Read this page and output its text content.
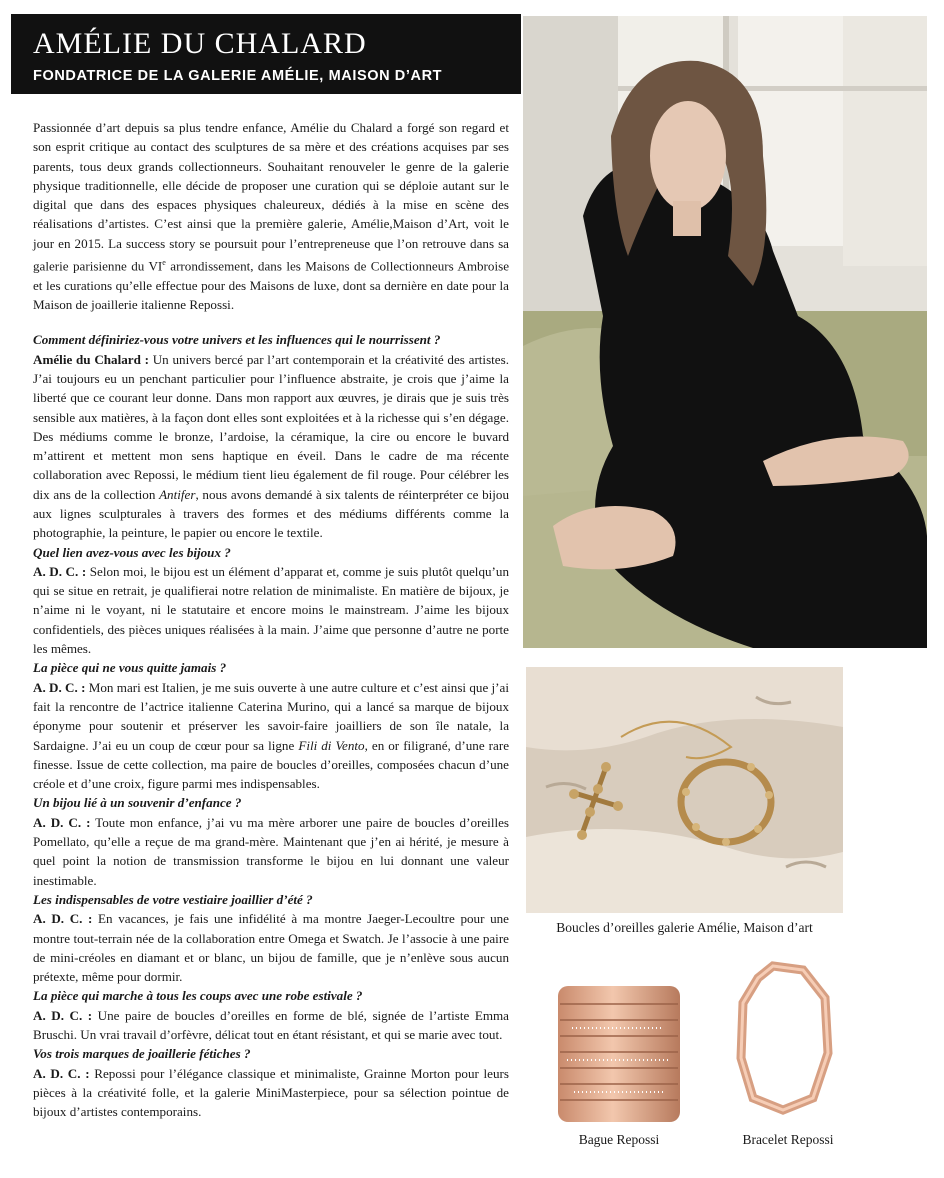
AMÉLIE DU CHALARD
FONDATRICE DE LA GALERIE AMÉLIE, MAISON D’ART

Passionnée d’art depuis sa plus tendre enfance, Amélie du Chalard a forgé son regard et son esprit critique au contact des sculptures de sa mère et des créations acquises par ses parents, tous deux grands collectionneurs. Souhaitant renouveler le genre de la galerie physique traditionnelle, elle décide de proposer une curation qui se déploie autant sur le digital que dans des espaces physiques chaleureux, dédiés à la mise en scène des réalisations d’artistes. C’est ainsi que la première galerie, Amélie,Maison d’Art, voit le jour en 2015. La success story se poursuit pour l’entrepreneuse que l’on retrouve dans sa galerie parisienne du VIe arrondissement, dans les Maisons de Collectionneurs Ambroise et les curations qu’elle effectue pour des Maisons de luxe, dont sa dernière en date pour la Maison de joaillerie italienne Repossi.

Comment définiriez-vous votre univers et les influences qui le nourrissent ?

Amélie du Chalard : Un univers bercé par l’art contemporain et la créativité des artistes. J’ai toujours eu un penchant particulier pour l’influence abstraite, je crois que j’aime la liberté que ce courant leur donne. Dans mon rapport aux œuvres, je dirais que je suis très sensible aux matières, à la façon dont elles sont exploitées et à la richesse qui s’en dégage. Des médiums comme le bronze, l’ardoise, la céramique, la cire ou encore le buvard m’attirent et mettent mon sens haptique en éveil. Dans le cadre de ma récente collaboration avec Repossi, le médium tient lieu également de fil rouge. Pour célébrer les dix ans de la collection Antifer, nous avons demandé à six talents de réinterpréter ce bijou aux lignes sculpturales à travers des formes et des médiums différents comme la photographie, la peinture, le papier ou encore le textile.

Quel lien avez-vous avec les bijoux ?

A. D. C. : Selon moi, le bijou est un élément d’apparat et, comme je suis plutôt quelqu’un qui se situe en retrait, je qualifierai notre relation de minimaliste. En matière de bijoux, je n’aime ni le voyant, ni le statutaire et encore moins le mainstream. J’aime les bijoux confidentiels, des pièces uniques réalisées à la main. J’aime que personne d’autre ne porte les mêmes.

La pièce qui ne vous quitte jamais ?

A. D. C. : Mon mari est Italien, je me suis ouverte à une autre culture et c’est ainsi que j’ai fait la rencontre de l’actrice italienne Caterina Murino, qui a lancé sa marque de bijoux éponyme pour soutenir et préserver les savoir-faire joailliers de son île natale, la Sardaigne. J’ai eu un coup de cœur pour sa ligne Fili di Vento, en or filigrané, d’une rare finesse. Issue de cette collection, ma paire de boucles d’oreilles, composées chacun d’une créole et d’une croix, figure parmi mes indispensables.

Un bijou lié à un souvenir d’enfance ?

A. D. C. : Toute mon enfance, j’ai vu ma mère arborer une paire de boucles d’oreilles Pomellato, qu’elle a reçue de ma grand-mère. Maintenant que j’en ai hérité, je mesure à quel point la notion de transmission transforme le bijou en lui donnant une valeur inestimable.

Les indispensables de votre vestiaire joaillier d’été ?

A. D. C. : En vacances, je fais une infidélité à ma montre Jaeger-Lecoultre pour une montre tout-terrain née de la collaboration entre Omega et Swatch. Je l’associe à une paire de mini-créoles en diamant et or blanc, un bijou de famille, que je n’enlève sous aucun prétexte, même pour dormir.

La pièce qui marche à tous les coups avec une robe estivale ?

A. D. C. : Une paire de boucles d’oreilles en forme de blé, signée de l’artiste Emma Bruschi. Un vrai travail d’orfèvre, délicat tout en étant résistant, et qui se marie avec tout.

Vos trois marques de joaillerie fétiches ?

A. D. C. : Repossi pour l’élégance classique et minimaliste, Grainne Morton pour leurs pièces à la créativité folle, et la galerie MiniMasterpiece, pour sa sélection pointue de bijoux d’artistes contemporains.

Boucles d’oreilles galerie Amélie, Maison d’art
Bague Repossi	Bracelet Repossi
